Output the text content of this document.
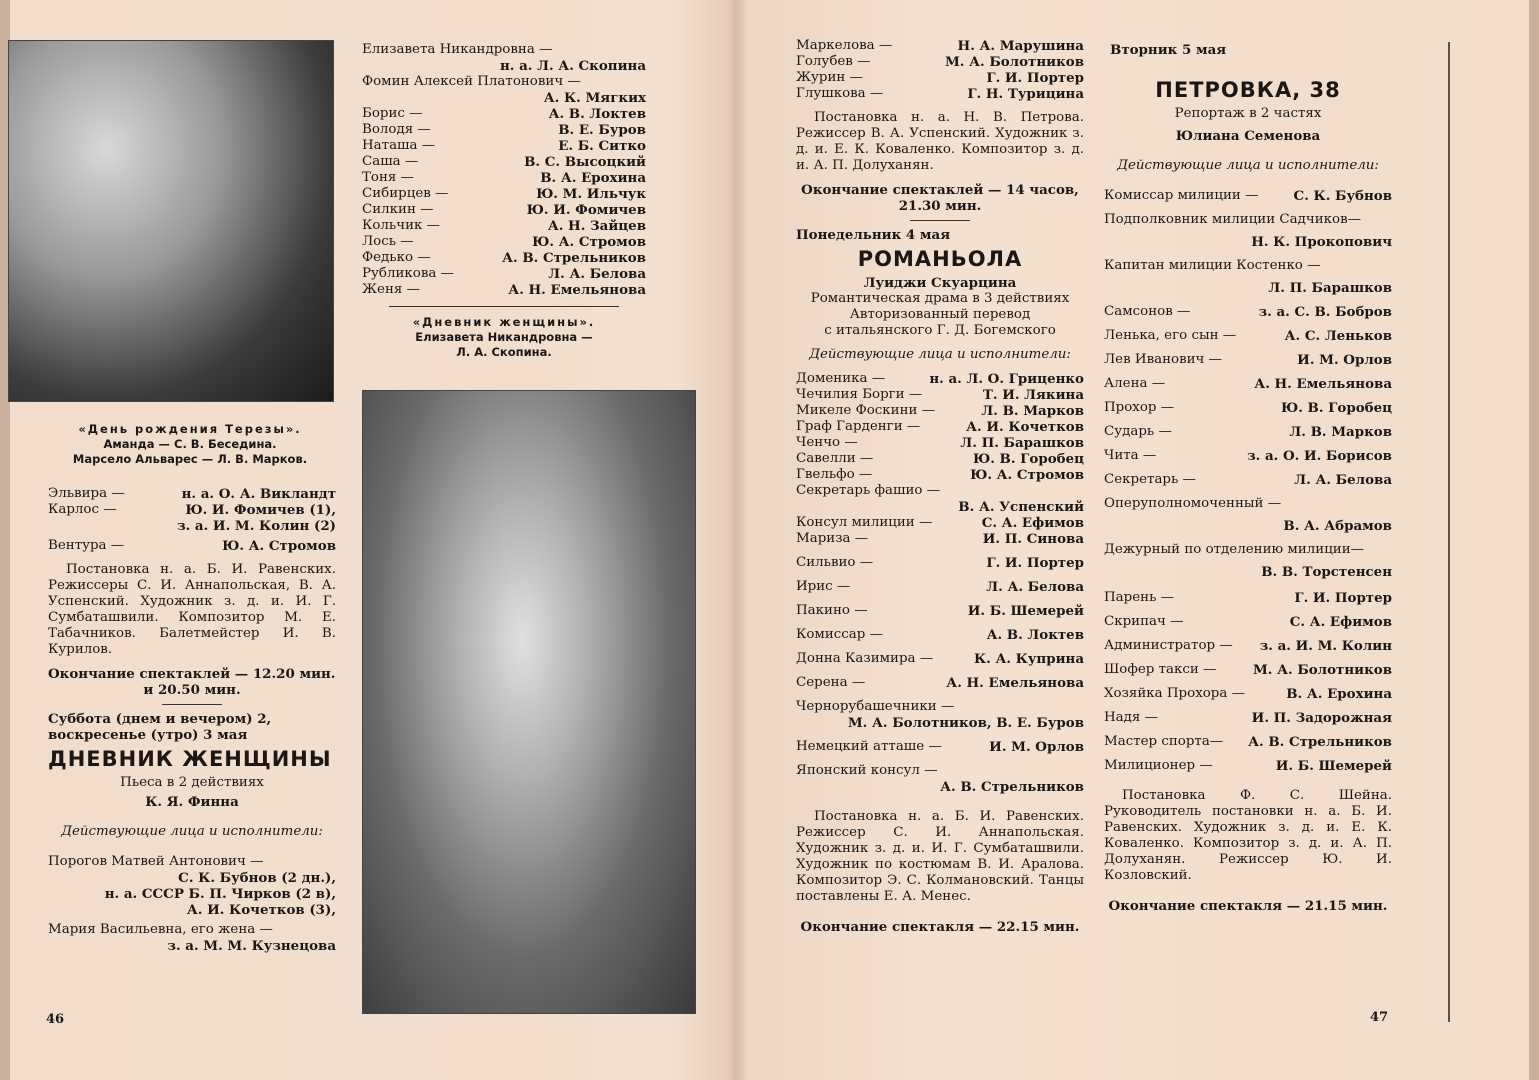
«День рождения Терезы».
Аманда — С. В. Беседина.
Марсело Альварес — Л. В. Марков.
Елизавета Никандровна —
н. а. Л. А. Скопина
Фомин Алексей Платонович —
А. К. Мягких
Борис —	А. В. Локтев
Володя —	В. Е. Буров
Наташа —	Е. Б. Ситко
Саша —	В. С. Высоцкий
Тоня —	В. А. Ерохина
Сибирцев —	Ю. М. Ильчук
Силкин —	Ю. И. Фомичев
Кольчик —	А. Н. Зайцев
Лось —	Ю. А. Стромов
Федько —	А. В. Стрельников
Рубликова —	Л. А. Белова
Женя —	А. Н. Емельянова
«Дневник женщины».
Елизавета Никандровна —
Л. А. Скопина.
Эльвира —	н. а. О. А. Викландт
Карлос —	Ю. И. Фомичев (1),
з. а. И. М. Колин (2)
Вентура —	Ю. А. Стромов
Постановка н. а. Б. И. Равенских. Режиссеры С. И. Аннапольская, В. А. Успенский. Художник з. д. и. И. Г. Сумбаташвили. Композитор М. Е. Табачников. Балетмейстер И. В. Курилов.
Окончание спектаклей — 12.20 мин.
и 20.50 мин.
Суббота (днем и вечером) 2,
воскресенье (утро) 3 мая
ДНЕВНИК ЖЕНЩИНЫ
Пьеса в 2 действиях
К. Я. Финна
Действующие лица и исполнители:
Порогов Матвей Антонович —
С. К. Бубнов (2 дн.),
н. а. СССР Б. П. Чирков (2 в),
А. И. Кочетков (3),
Мария Васильевна, его жена —
з. а. М. М. Кузнецова
46
Маркелова —	Н. А. Марушина
Голубев —	М. А. Болотников
Журин —	Г. И. Портер
Глушкова —	Г. Н. Турицина
Постановка н. а. Н. В. Петрова. Режиссер В. А. Успенский. Художник з. д. и. Е. К. Коваленко. Композитор з. д. и. А. П. Долуханян.
Окончание спектаклей — 14 часов,
21.30 мин.
Понедельник 4 мая
РОМАНЬОЛА
Луиджи Скуарцина
Романтическая драма в 3 действиях
Авторизованный перевод
с итальянского Г. Д. Богемского
Действующие лица и исполнители:
Доменика —	н. а. Л. О. Гриценко
Чечилия Борги —	Т. И. Лякина
Микеле Фоскини —	Л. В. Марков
Граф Гарденги —	А. И. Кочетков
Ченчо —	Л. П. Барашков
Савелли —	Ю. В. Горобец
Гвельфо —	Ю. А. Стромов
Секретарь фашио —
В. А. Успенский
Консул милиции —	С. А. Ефимов
Мариза —	И. П. Синова
Сильвио —	Г. И. Портер
Ирис —	Л. А. Белова
Пакино —	И. Б. Шемерей
Комиссар —	А. В. Локтев
Донна Казимира —	К. А. Куприна
Серена —	А. Н. Емельянова
Чернорубашечники —
М. А. Болотников, В. Е. Буров
Немецкий атташе —	И. М. Орлов
Японский консул —
А. В. Стрельников
Постановка н. а. Б. И. Равенских. Режиссер С. И. Аннапольская. Художник з. д. и. И. Г. Сумбаташвили. Художник по костюмам В. И. Аралова. Композитор Э. С. Колмановский. Танцы поставлены Е. А. Менес.
Окончание спектакля — 22.15 мин.
Вторник 5 мая
ПЕТРОВКА, 38
Репортаж в 2 частях
Юлиана Семенова
Действующие лица и исполнители:
Комиссар милиции —	С. К. Бубнов
Подполковник милиции Садчиков—
Н. К. Прокопович
Капитан милиции Костенко —
Л. П. Барашков
Самсонов —	з. а. С. В. Бобров
Ленька, его сын —	А. С. Леньков
Лев Иванович —	И. М. Орлов
Алена —	А. Н. Емельянова
Прохор —	Ю. В. Горобец
Сударь —	Л. В. Марков
Чита —	з. а. О. И. Борисов
Секретарь —	Л. А. Белова
Оперуполномоченный —
В. А. Абрамов
Дежурный по отделению милиции—
В. В. Торстенсен
Парень —	Г. И. Портер
Скрипач —	С. А. Ефимов
Администратор — з. а. И. М. Колин
Шофер такси —	М. А. Болотников
Хозяйка Прохора —	В. А. Ерохина
Надя —	И. П. Задорожная
Мастер спорта— А. В. Стрельников
Милиционер —	И. Б. Шемерей
Постановка Ф. С. Шейна. Руководитель постановки н. а. Б. И. Равенских. Художник з. д. и. Е. К. Коваленко. Композитор з. д. и. А. П. Долуханян. Режиссер Ю. И. Козловский.
Окончание спектакля — 21.15 мин.
47
